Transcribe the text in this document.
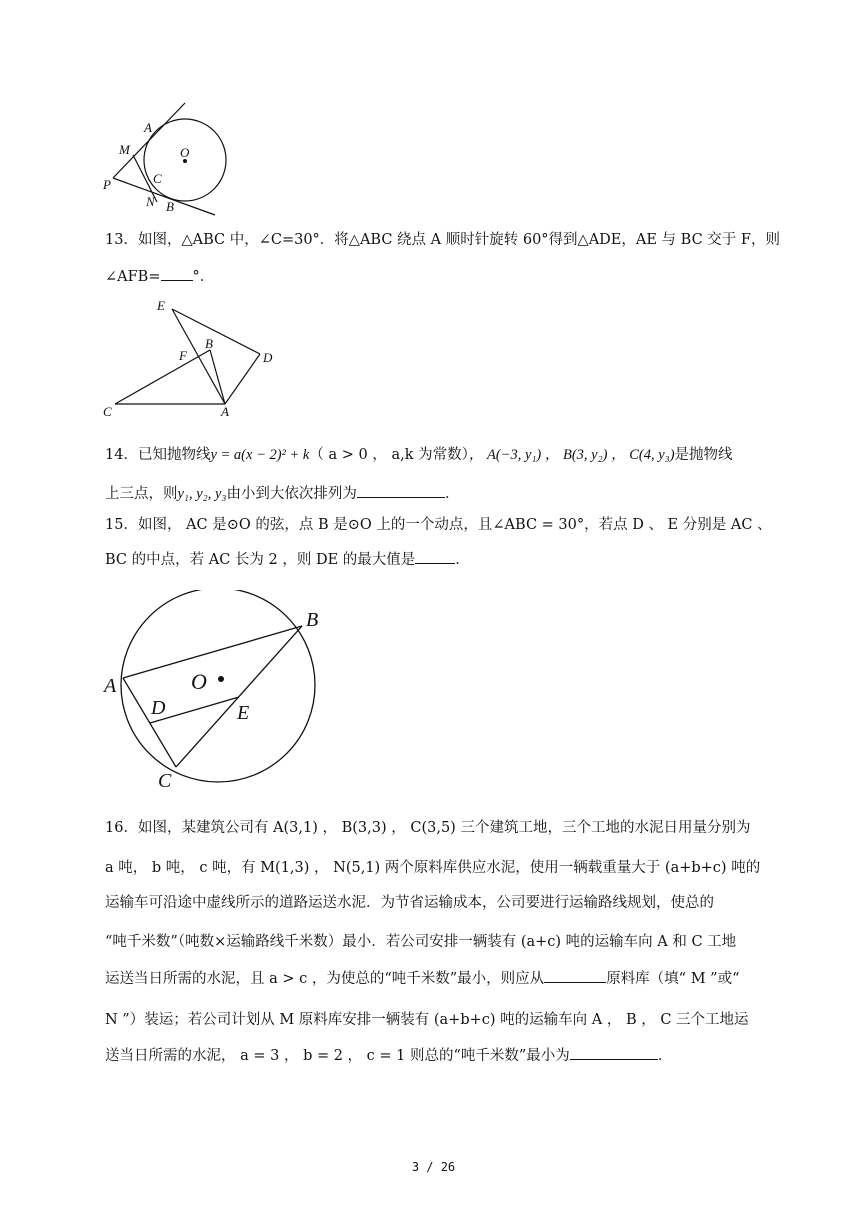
A
M	O
P	C
N B
13．如图，△ABC 中，∠C=30°．将△ABC 绕点 A 顺时针旋转 60°得到△ADE，AE 与 BC 交于 F，则
∠AFB= °．
E
B
F	D
C	A
14．已知抛物线y = a(x − 2)² + k（ a > 0 ， a,k 为常数）， A(−3, y₁) ， B(3, y₂) ， C(4, y₃)是抛物线
上三点，则y₁, y₂, y₃由小到大依次排列为	．
15．如图， AC 是⊙O 的弦，点 B 是⊙O 上的一个动点，且∠ABC = 30°，若点 D 、 E 分别是 AC 、
BC 的中点，若 AC 长为 2 ，则 DE 的最大值是	．
B
A	O
D	E
C
16．如图，某建筑公司有 A(3,1) ， B(3,3) ， C(3,5) 三个建筑工地，三个工地的水泥日用量分别为
a 吨， b 吨， c 吨，有 M(1,3) ， N(5,1) 两个原料库供应水泥，使用一辆载重量大于 (a+b+c) 吨的
运输车可沿途中虚线所示的道路运送水泥．为节省运输成本，公司要进行运输路线规划，使总的
“吨千米数”（吨数×运输路线千米数）最小．若公司安排一辆装有 (a+c) 吨的运输车向 A 和 C 工地
运送当日所需的水泥，且 a > c ，为使总的“吨千米数”最小，则应从	原料库（填“ M ”或“
N ”）装运；若公司计划从 M 原料库安排一辆装有 (a+b+c) 吨的运输车向 A ， B ， C 三个工地运
送当日所需的水泥， a = 3 ， b = 2 ， c = 1 则总的“吨千米数”最小为	．
3 / 26
